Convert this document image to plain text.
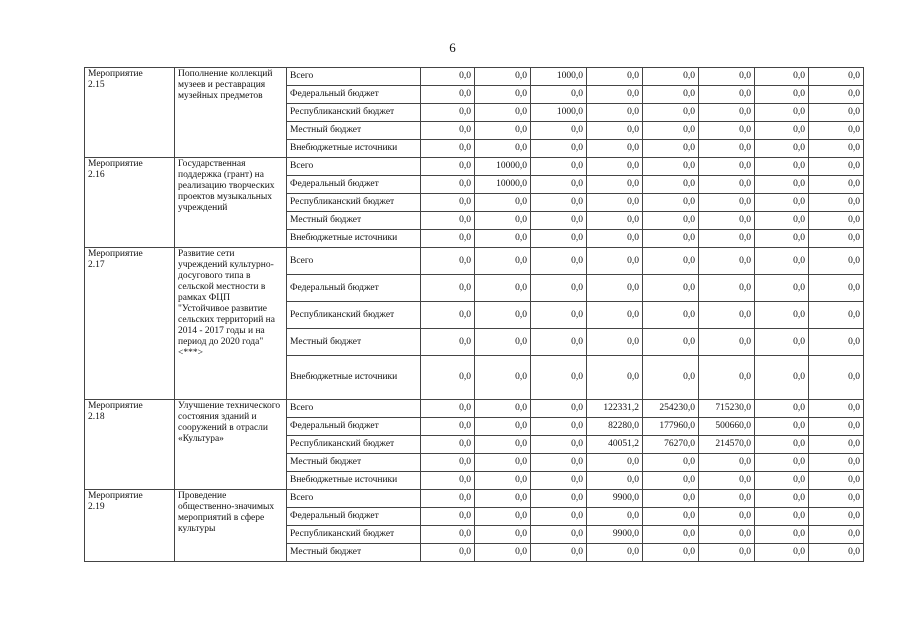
6
Мероприятие
2.15	Пополнение коллекций музеев и реставрация музейных предметов	Всего	0,0	0,0	1000,0	0,0	0,0	0,0	0,0	0,0
		Федеральный бюджет	0,0	0,0	0,0	0,0	0,0	0,0	0,0	0,0
		Республиканский бюджет	0,0	0,0	1000,0	0,0	0,0	0,0	0,0	0,0
		Местный бюджет	0,0	0,0	0,0	0,0	0,0	0,0	0,0	0,0
		Внебюджетные источники	0,0	0,0	0,0	0,0	0,0	0,0	0,0	0,0
Мероприятие
2.16	Государственная поддержка (грант) на реализацию творческих проектов музыкальных учреждений	Всего	0,0	10000,0	0,0	0,0	0,0	0,0	0,0	0,0
		Федеральный бюджет	0,0	10000,0	0,0	0,0	0,0	0,0	0,0	0,0
		Республиканский бюджет	0,0	0,0	0,0	0,0	0,0	0,0	0,0	0,0
		Местный бюджет	0,0	0,0	0,0	0,0	0,0	0,0	0,0	0,0
		Внебюджетные источники	0,0	0,0	0,0	0,0	0,0	0,0	0,0	0,0
Мероприятие
2.17	Развитие сети учреждений культурно-досугового типа в сельской местности в рамках ФЦП "Устойчивое развитие сельских территорий на 2014 - 2017 годы и на период до 2020 года" <***>	Всего	0,0	0,0	0,0	0,0	0,0	0,0	0,0	0,0
		Федеральный бюджет	0,0	0,0	0,0	0,0	0,0	0,0	0,0	0,0
		Республиканский бюджет	0,0	0,0	0,0	0,0	0,0	0,0	0,0	0,0
		Местный бюджет	0,0	0,0	0,0	0,0	0,0	0,0	0,0	0,0
		Внебюджетные источники	0,0	0,0	0,0	0,0	0,0	0,0	0,0	0,0
Мероприятие
2.18	Улучшение технического состояния зданий и сооружений в отрасли «Культура»	Всего	0,0	0,0	0,0	122331,2	254230,0	715230,0	0,0	0,0
		Федеральный бюджет	0,0	0,0	0,0	82280,0	177960,0	500660,0	0,0	0,0
		Республиканский бюджет	0,0	0,0	0,0	40051,2	76270,0	214570,0	0,0	0,0
		Местный бюджет	0,0	0,0	0,0	0,0	0,0	0,0	0,0	0,0
		Внебюджетные источники	0,0	0,0	0,0	0,0	0,0	0,0	0,0	0,0
Мероприятие
2.19	Проведение общественно-значимых мероприятий в сфере культуры	Всего	0,0	0,0	0,0	9900,0	0,0	0,0	0,0	0,0
		Федеральный бюджет	0,0	0,0	0,0	0,0	0,0	0,0	0,0	0,0
		Республиканский бюджет	0,0	0,0	0,0	9900,0	0,0	0,0	0,0	0,0
		Местный бюджет	0,0	0,0	0,0	0,0	0,0	0,0	0,0	0,0
